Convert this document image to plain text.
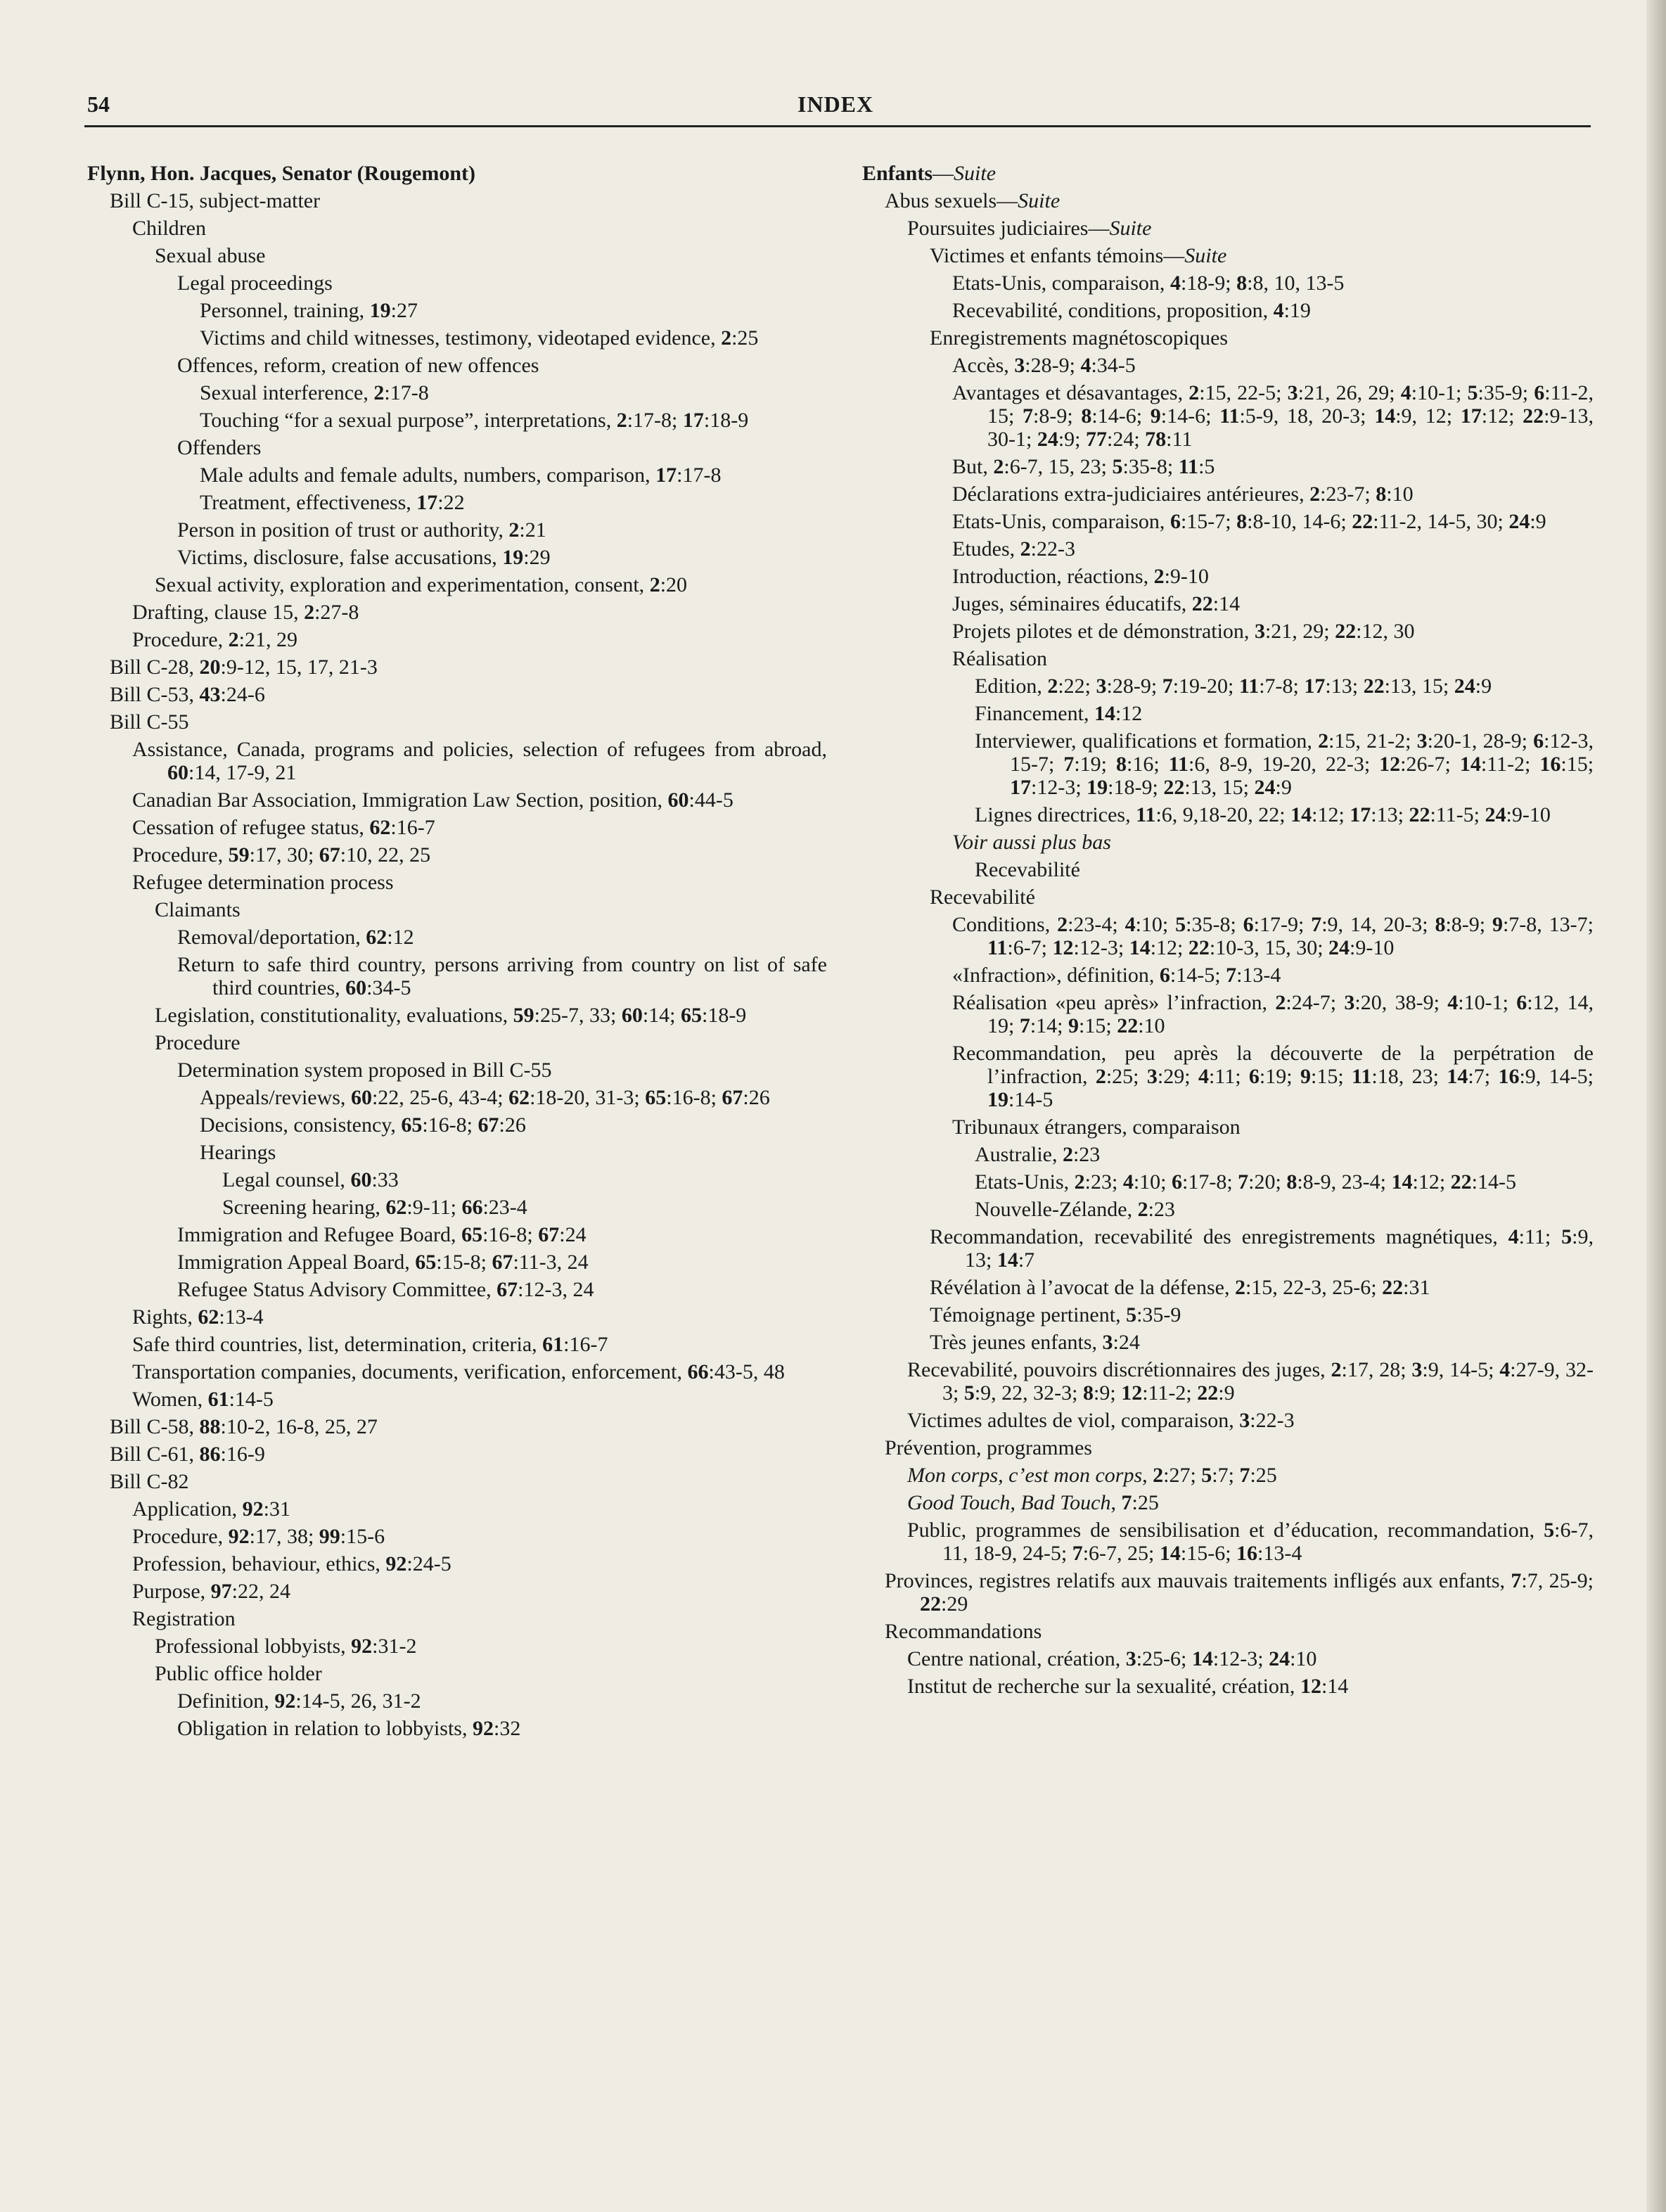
54	INDEX
Flynn, Hon. Jacques, Senator (Rougemont)
Bill C-15, subject-matter
Children
Sexual abuse
Legal proceedings
Personnel, training, 19:27
Victims and child witnesses, testimony, videotaped evidence, 2:25
Offences, reform, creation of new offences
Sexual interference, 2:17-8
Touching “for a sexual purpose”, interpretations, 2:17-8; 17:18-9
Offenders
Male adults and female adults, numbers, comparison, 17:17-8
Treatment, effectiveness, 17:22
Person in position of trust or authority, 2:21
Victims, disclosure, false accusations, 19:29
Sexual activity, exploration and experimentation, consent, 2:20
Drafting, clause 15, 2:27-8
Procedure, 2:21, 29
Bill C-28, 20:9-12, 15, 17, 21-3
Bill C-53, 43:24-6
Bill C-55
Assistance, Canada, programs and policies, selection of refugees from abroad, 60:14, 17-9, 21
Canadian Bar Association, Immigration Law Section, position, 60:44-5
Cessation of refugee status, 62:16-7
Procedure, 59:17, 30; 67:10, 22, 25
Refugee determination process
Claimants
Removal/deportation, 62:12
Return to safe third country, persons arriving from country on list of safe third countries, 60:34-5
Legislation, constitutionality, evaluations, 59:25-7, 33; 60:14; 65:18-9
Procedure
Determination system proposed in Bill C-55
Appeals/reviews, 60:22, 25-6, 43-4; 62:18-20, 31-3; 65:16-8; 67:26
Decisions, consistency, 65:16-8; 67:26
Hearings
Legal counsel, 60:33
Screening hearing, 62:9-11; 66:23-4
Immigration and Refugee Board, 65:16-8; 67:24
Immigration Appeal Board, 65:15-8; 67:11-3, 24
Refugee Status Advisory Committee, 67:12-3, 24
Rights, 62:13-4
Safe third countries, list, determination, criteria, 61:16-7
Transportation companies, documents, verification, enforcement, 66:43-5, 48
Women, 61:14-5
Bill C-58, 88:10-2, 16-8, 25, 27
Bill C-61, 86:16-9
Bill C-82
Application, 92:31
Procedure, 92:17, 38; 99:15-6
Profession, behaviour, ethics, 92:24-5
Purpose, 97:22, 24
Registration
Professional lobbyists, 92:31-2
Public office holder
Definition, 92:14-5, 26, 31-2
Obligation in relation to lobbyists, 92:32
Enfants—Suite
Abus sexuels—Suite
Poursuites judiciaires—Suite
Victimes et enfants témoins—Suite
Etats-Unis, comparaison, 4:18-9; 8:8, 10, 13-5
Recevabilité, conditions, proposition, 4:19
Enregistrements magnétoscopiques
Accès, 3:28-9; 4:34-5
Avantages et désavantages, 2:15, 22-5; 3:21, 26, 29; 4:10-1; 5:35-9; 6:11-2, 15; 7:8-9; 8:14-6; 9:14-6; 11:5-9, 18, 20-3; 14:9, 12; 17:12; 22:9-13, 30-1; 24:9; 77:24; 78:11
But, 2:6-7, 15, 23; 5:35-8; 11:5
Déclarations extra-judiciaires antérieures, 2:23-7; 8:10
Etats-Unis, comparaison, 6:15-7; 8:8-10, 14-6; 22:11-2, 14-5, 30; 24:9
Etudes, 2:22-3
Introduction, réactions, 2:9-10
Juges, séminaires éducatifs, 22:14
Projets pilotes et de démonstration, 3:21, 29; 22:12, 30
Réalisation
Edition, 2:22; 3:28-9; 7:19-20; 11:7-8; 17:13; 22:13, 15; 24:9
Financement, 14:12
Interviewer, qualifications et formation, 2:15, 21-2; 3:20-1, 28-9; 6:12-3, 15-7; 7:19; 8:16; 11:6, 8-9, 19-20, 22-3; 12:26-7; 14:11-2; 16:15; 17:12-3; 19:18-9; 22:13, 15; 24:9
Lignes directrices, 11:6, 9,18-20, 22; 14:12; 17:13; 22:11-5; 24:9-10
Voir aussi plus bas
Recevabilité
Recevabilité
Conditions, 2:23-4; 4:10; 5:35-8; 6:17-9; 7:9, 14, 20-3; 8:8-9; 9:7-8, 13-7; 11:6-7; 12:12-3; 14:12; 22:10-3, 15, 30; 24:9-10
«Infraction», définition, 6:14-5; 7:13-4
Réalisation «peu après» l’infraction, 2:24-7; 3:20, 38-9; 4:10-1; 6:12, 14, 19; 7:14; 9:15; 22:10
Recommandation, peu après la découverte de la perpétration de l’infraction, 2:25; 3:29; 4:11; 6:19; 9:15; 11:18, 23; 14:7; 16:9, 14-5; 19:14-5
Tribunaux étrangers, comparaison
Australie, 2:23
Etats-Unis, 2:23; 4:10; 6:17-8; 7:20; 8:8-9, 23-4; 14:12; 22:14-5
Nouvelle-Zélande, 2:23
Recommandation, recevabilité des enregistrements magnétiques, 4:11; 5:9, 13; 14:7
Révélation à l’avocat de la défense, 2:15, 22-3, 25-6; 22:31
Témoignage pertinent, 5:35-9
Très jeunes enfants, 3:24
Recevabilité, pouvoirs discrétionnaires des juges, 2:17, 28; 3:9, 14-5; 4:27-9, 32-3; 5:9, 22, 32-3; 8:9; 12:11-2; 22:9
Victimes adultes de viol, comparaison, 3:22-3
Prévention, programmes
Mon corps, c’est mon corps, 2:27; 5:7; 7:25
Good Touch, Bad Touch, 7:25
Public, programmes de sensibilisation et d’éducation, recommandation, 5:6-7, 11, 18-9, 24-5; 7:6-7, 25; 14:15-6; 16:13-4
Provinces, registres relatifs aux mauvais traitements infligés aux enfants, 7:7, 25-9; 22:29
Recommandations
Centre national, création, 3:25-6; 14:12-3; 24:10
Institut de recherche sur la sexualité, création, 12:14
